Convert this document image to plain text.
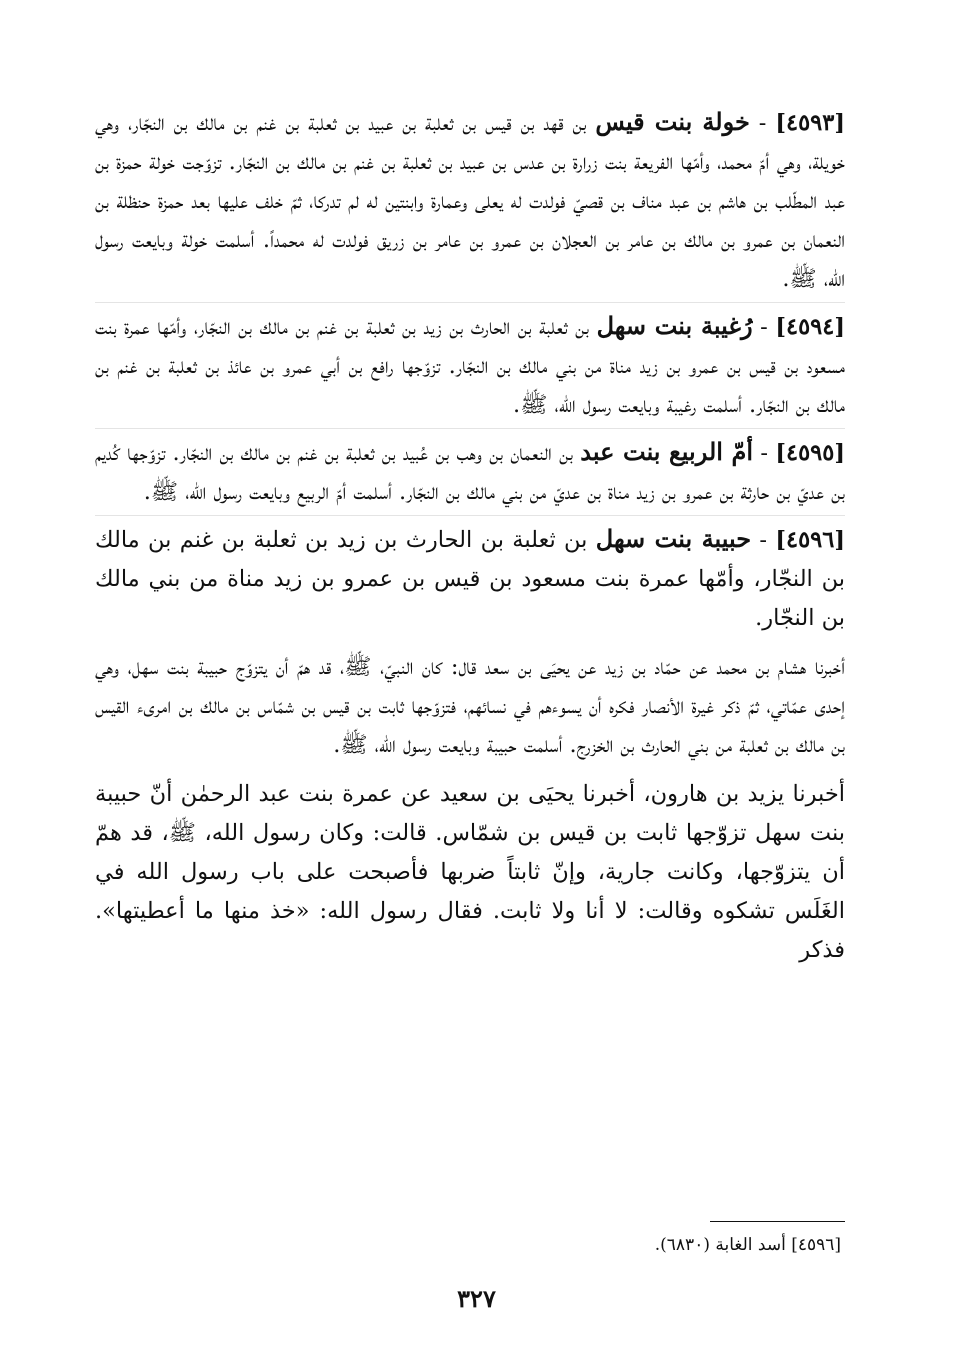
[٤٥٩٣] - خولة بنت قيس بن قهد بن قيس بن ثعلبة بن عبيد بن ثعلبة بن غنم بن مالك بن النجّار، وهي خويلة، وهي أمّ محمد، وأمّها الفريعة بنت زرارة بن عدس بن عبيد بن ثعلبة بن غنم بن مالك بن النجّار. تزوّجت خولة حمزة بن عبد المطّلب بن هاشم بن عبد مناف بن قصيّ فولدت له يعلى وعمارة وابنتين له لم تدركا، ثمّ خلف عليها بعد حمزة حنظلة بن النعمان بن عمرو بن مالك بن عامر بن العجلان بن عمرو بن عامر بن زريق فولدت له محمداً. أسلمت خولة وبايعت رسول الله، ﷺ.

[٤٥٩٤] - رُغيبة بنت سهل بن ثعلبة بن الحارث بن زيد بن ثعلبة بن غنم بن مالك بن النجّار، وأمّها عمرة بنت مسعود بن قيس بن عمرو بن زيد مناة من بني مالك بن النجّار. تزوّجها رافع بن أبي عمرو بن عائذ بن ثعلبة بن غنم بن مالك بن النجّار. أسلمت رغيبة وبايعت رسول الله، ﷺ.

[٤٥٩٥] - أمّ الربيع بنت عبد بن النعمان بن وهب بن عُبيد بن ثعلبة بن غنم بن مالك بن النجّار. تزوّجها كُديم بن عديّ بن حارثة بن عمرو بن زيد مناة بن عديّ من بني مالك بن النجّار. أسلمت أمّ الربيع وبايعت رسول الله، ﷺ.

[٤٥٩٦] - حبيبة بنت سهل بن ثعلبة بن الحارث بن زيد بن ثعلبة بن غنم بن مالك بن النجّار، وأمّها عمرة بنت مسعود بن قيس بن عمرو بن زيد مناة من بني مالك بن النجّار.

أخبرنا هشام بن محمد عن حمّاد بن زيد عن يحيَى بن سعد قال: كان النبيّ، ﷺ، قد همّ أن يتزوّج حبيبة بنت سهل، وهي إحدى عمّاتي، ثمّ ذكر غيرة الأنصار فكره أن يسوءهم في نسائهم، فتزوّجها ثابت بن قيس بن شمّاس بن مالك بن امرىء القيس بن مالك بن ثعلبة من بني الحارث بن الخزرج. أسلمت حبيبة وبايعت رسول الله، ﷺ.

أخبرنا يزيد بن هارون، أخبرنا يحيَى بن سعيد عن عمرة بنت عبد الرحمٰن أنّ حبيبة بنت سهل تزوّجها ثابت بن قيس بن شمّاس. قالت: وكان رسول الله، ﷺ، قد همّ أن يتزوّجها، وكانت جارية، وإنّ ثابتاً ضربها فأصبحت على باب رسول الله في الغَلَس تشكوه وقالت: لا أنا ولا ثابت. فقال رسول الله: «خذ منها ما أعطيتها». فذكر

[٤٥٩٦] أسد الغابة (٦٨٣٠).
٣٢٧
